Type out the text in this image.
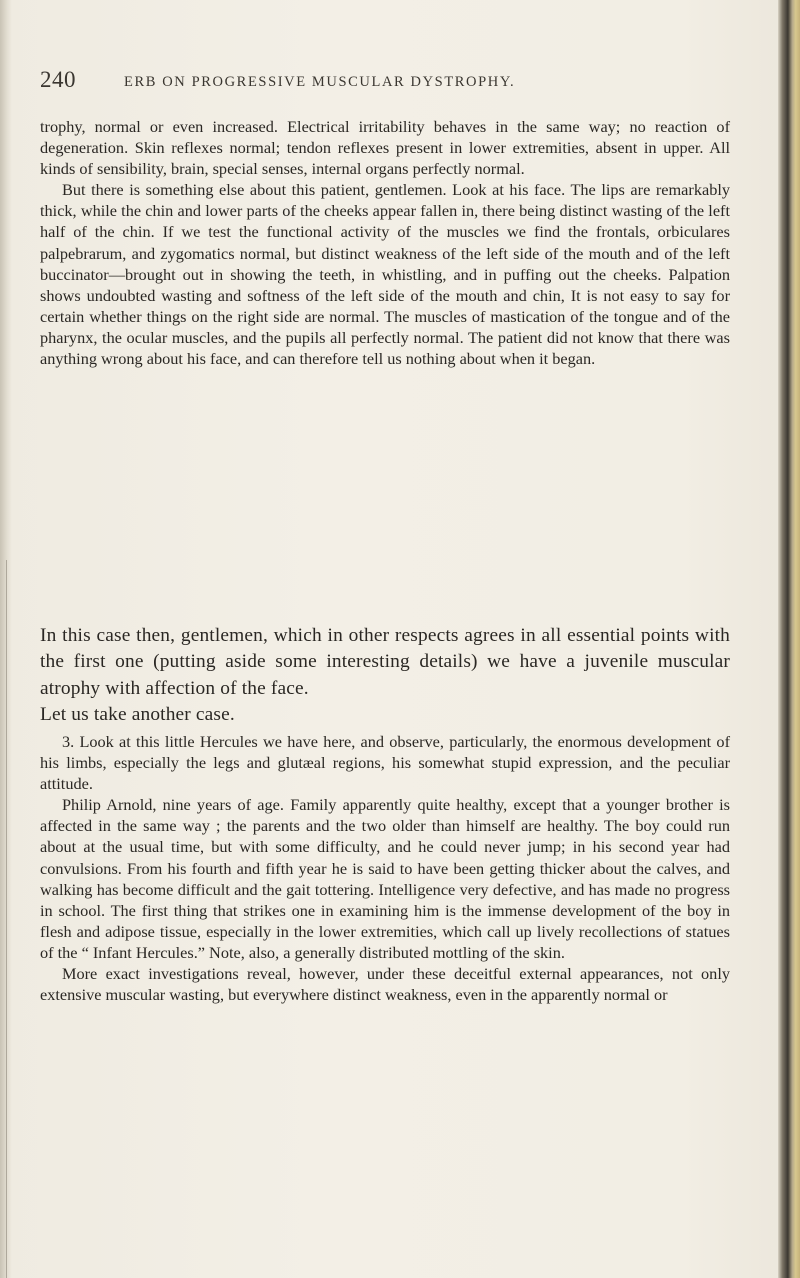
240	ERB ON PROGRESSIVE MUSCULAR DYSTROPHY.

trophy, normal or even increased. Electrical irritability behaves in the same way; no reaction of degeneration. Skin reflexes normal; tendon reflexes present in lower extremities, absent in upper. All kinds of sensibility, brain, special senses, internal organs perfectly normal.

But there is something else about this patient, gentlemen. Look at his face. The lips are remarkably thick, while the chin and lower parts of the cheeks appear fallen in, there being distinct wasting of the left half of the chin. If we test the functional activity of the muscles we find the frontals, orbiculares palpebrarum, and zygomatics normal, but distinct weakness of the left side of the mouth and of the left buccinator—brought out in showing the teeth, in whistling, and in puffing out the cheeks. Palpation shows undoubted wasting and softness of the left side of the mouth and chin, It is not easy to say for certain whether things on the right side are normal. The muscles of mastication of the tongue and of the pharynx, the ocular muscles, and the pupils all perfectly normal. The patient did not know that there was anything wrong about his face, and can therefore tell us nothing about when it began.

In this case then, gentlemen, which in other respects agrees in all essential points with the first one (putting aside some interesting details) we have a juvenile muscular atrophy with affection of the face.

Let us take another case.

3. Look at this little Hercules we have here, and observe, particularly, the enormous development of his limbs, especially the legs and glutæal regions, his somewhat stupid expression, and the peculiar attitude.

Philip Arnold, nine years of age. Family apparently quite healthy, except that a younger brother is affected in the same way ; the parents and the two older than himself are healthy. The boy could run about at the usual time, but with some difficulty, and he could never jump; in his second year had convulsions. From his fourth and fifth year he is said to have been getting thicker about the calves, and walking has become difficult and the gait tottering. Intelligence very defective, and has made no progress in school. The first thing that strikes one in examining him is the immense development of the boy in flesh and adipose tissue, especially in the lower extremities, which call up lively recollections of statues of the “ Infant Hercules.” Note, also, a generally distributed mottling of the skin.

More exact investigations reveal, however, under these deceitful external appearances, not only extensive muscular wasting, but everywhere distinct weakness, even in the apparently normal or
